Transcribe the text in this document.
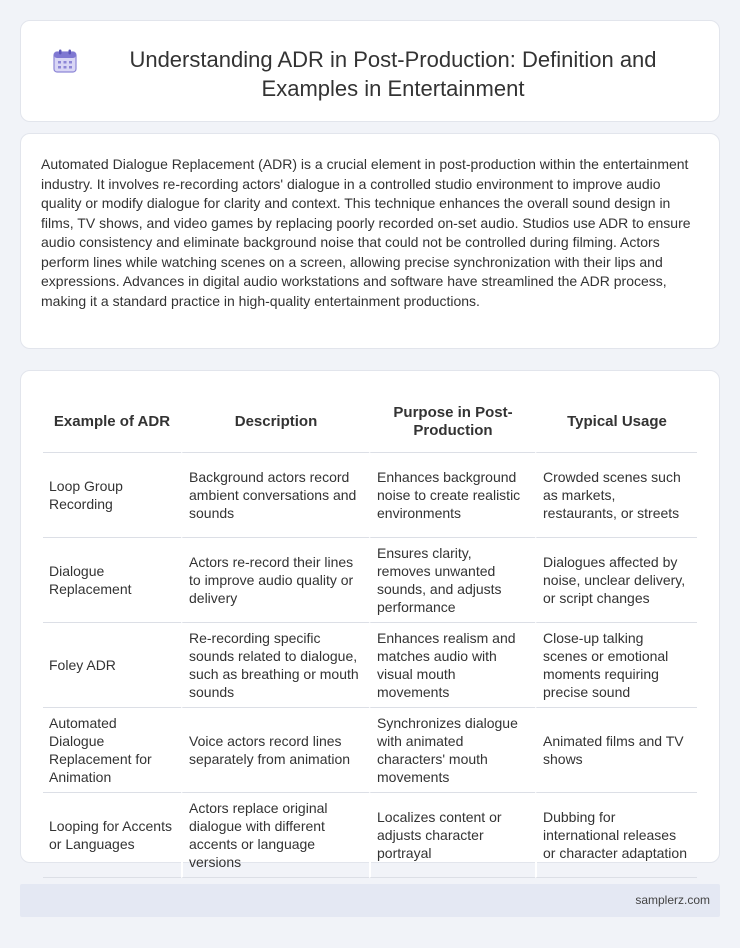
Understanding ADR in Post-Production: Definition and Examples in Entertainment

Automated Dialogue Replacement (ADR) is a crucial element in post-production within the entertainment industry. It involves re-recording actors' dialogue in a controlled studio environment to improve audio quality or modify dialogue for clarity and context. This technique enhances the overall sound design in films, TV shows, and video games by replacing poorly recorded on-set audio. Studios use ADR to ensure audio consistency and eliminate background noise that could not be controlled during filming. Actors perform lines while watching scenes on a screen, allowing precise synchronization with their lips and expressions. Advances in digital audio workstations and software have streamlined the ADR process, making it a standard practice in high-quality entertainment productions.

Example of ADR	Description	Purpose in Post-Production	Typical Usage
Loop Group Recording	Background actors record ambient conversations and sounds	Enhances background noise to create realistic environments	Crowded scenes such as markets, restaurants, or streets
Dialogue Replacement	Actors re-record their lines to improve audio quality or delivery	Ensures clarity, removes unwanted sounds, and adjusts performance	Dialogues affected by noise, unclear delivery, or script changes
Foley ADR	Re-recording specific sounds related to dialogue, such as breathing or mouth sounds	Enhances realism and matches audio with visual mouth movements	Close-up talking scenes or emotional moments requiring precise sound
Automated Dialogue Replacement for Animation	Voice actors record lines separately from animation	Synchronizes dialogue with animated characters' mouth movements	Animated films and TV shows
Looping for Accents or Languages	Actors replace original dialogue with different accents or language versions	Localizes content or adjusts character portrayal	Dubbing for international releases or character adaptation
samplerz.com
